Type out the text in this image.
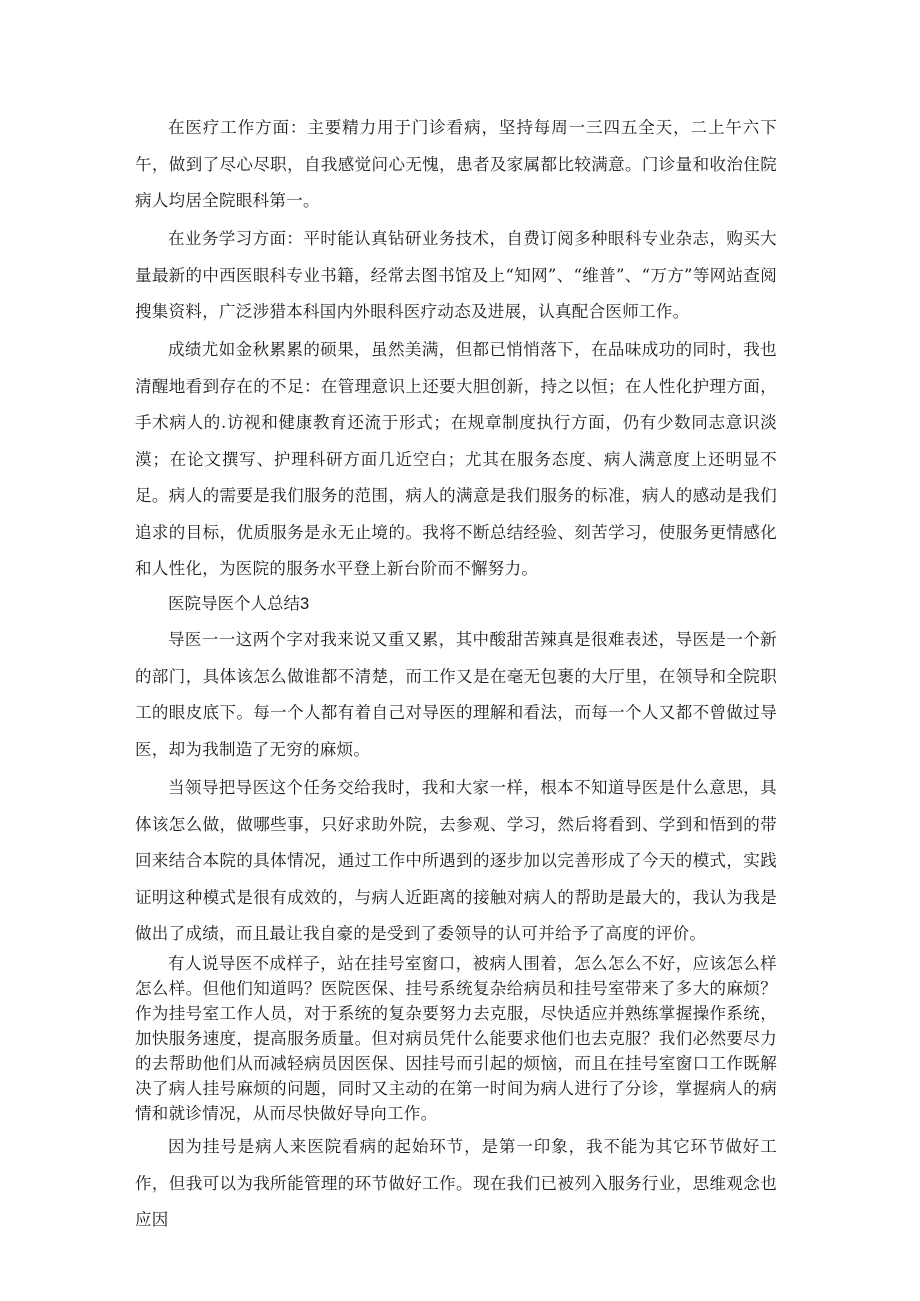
在医疗工作方面：主要精力用于门诊看病，坚持每周一三四五全天，二上午六下午，做到了尽心尽职，自我感觉问心无愧，患者及家属都比较满意。门诊量和收治住院病人均居全院眼科第一。

在业务学习方面：平时能认真钻研业务技术，自费订阅多种眼科专业杂志，购买大量最新的中西医眼科专业书籍，经常去图书馆及上“知网”、“维普”、“万方”等网站查阅搜集资料，广泛涉猎本科国内外眼科医疗动态及进展，认真配合医师工作。

成绩尤如金秋累累的硕果，虽然美满，但都已悄悄落下，在品味成功的同时，我也清醒地看到存在的不足：在管理意识上还要大胆创新，持之以恒；在人性化护理方面，手术病人的.访视和健康教育还流于形式；在规章制度执行方面，仍有少数同志意识淡漠；在论文撰写、护理科研方面几近空白；尤其在服务态度、病人满意度上还明显不足。病人的需要是我们服务的范围，病人的满意是我们服务的标准，病人的感动是我们追求的目标，优质服务是永无止境的。我将不断总结经验、刻苦学习，使服务更情感化和人性化，为医院的服务水平登上新台阶而不懈努力。

医院导医个人总结3

导医一一这两个字对我来说又重又累，其中酸甜苦辣真是很难表述，导医是一个新的部门，具体该怎么做谁都不清楚，而工作又是在毫无包裹的大厅里，在领导和全院职工的眼皮底下。每一个人都有着自己对导医的理解和看法，而每一个人又都不曾做过导医，却为我制造了无穷的麻烦。

当领导把导医这个任务交给我时，我和大家一样，根本不知道导医是什么意思，具体该怎么做，做哪些事，只好求助外院，去参观、学习，然后将看到、学到和悟到的带回来结合本院的具体情况，通过工作中所遇到的逐步加以完善形成了今天的模式，实践证明这种模式是很有成效的，与病人近距离的接触对病人的帮助是最大的，我认为我是做出了成绩，而且最让我自豪的是受到了委领导的认可并给予了高度的评价。

有人说导医不成样子，站在挂号室窗口，被病人围着，怎么怎么不好，应该怎么样怎么样。但他们知道吗？医院医保、挂号系统复杂给病员和挂号室带来了多大的麻烦？作为挂号室工作人员，对于系统的复杂要努力去克服，尽快适应并熟练掌握操作系统，加快服务速度，提高服务质量。但对病员凭什么能要求他们也去克服？我们必然要尽力的去帮助他们从而减轻病员因医保、因挂号而引起的烦恼，而且在挂号室窗口工作既解决了病人挂号麻烦的问题，同时又主动的在第一时间为病人进行了分诊，掌握病人的病情和就诊情况，从而尽快做好导向工作。

因为挂号是病人来医院看病的起始环节，是第一印象，我不能为其它环节做好工作，但我可以为我所能管理的环节做好工作。现在我们已被列入服务行业，思维观念也应因
